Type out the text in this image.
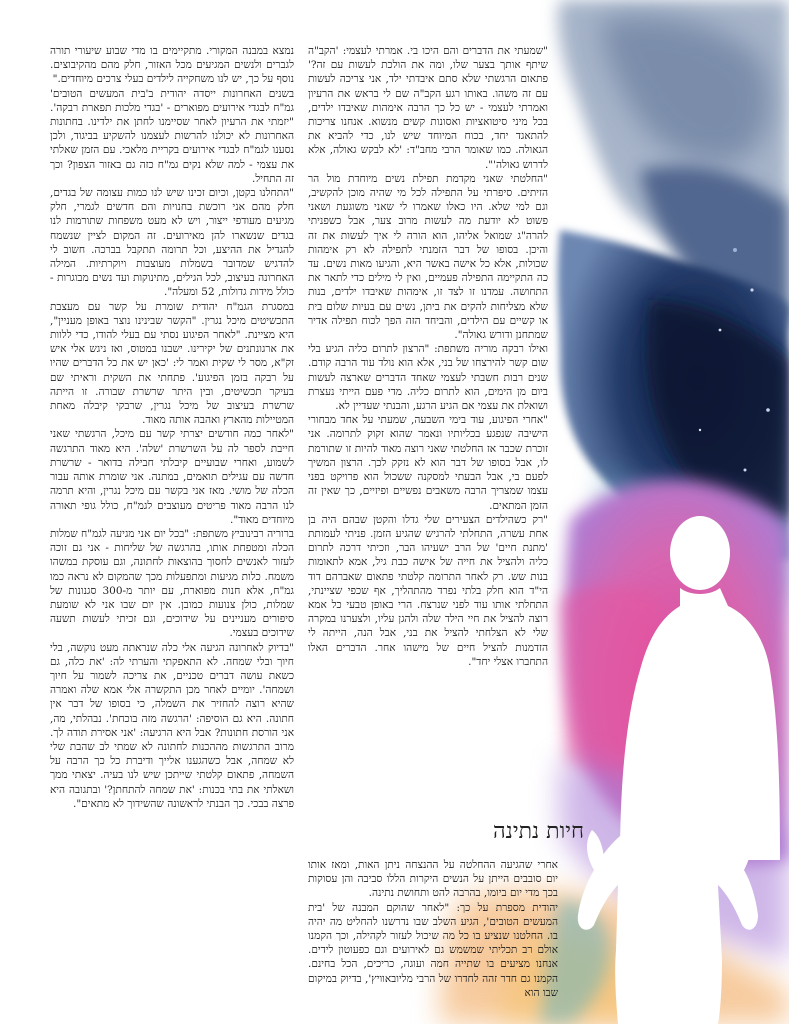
נמצא במבנה המקורי. מתקיימים בו מדי שבוע שיעורי תורה לגברים ולנשים המגיעים מכל האזור, חלק מהם מהקיבוצים. נוסף על כך, יש לנו משחקייה לילדים בעלי צרכים מיוחדים."

בשנים האחרונות ייסדה יהודית ב'בית המעשים הטובים' גמ"ח לבגדי אירועים מפוארים - 'בגדי מלכות תפארת רבקה'. "יזמתי את הרעיון לאחר שסיימנו לחתן את ילדינו. בחתונות האחרונות לא יכולנו להרשות לעצמנו להשקיע בביגוד, ולכן נסענו לגמ"ח לבגדי אירועים בקריית מלאכי. עם הזמן שאלתי את עצמי - למה שלא נקים גמ"ח כזה גם באזור הצפון? וכך זה התחיל.

"התחלנו בקטן, וכיום זכינו שיש לנו כמות עצומה של בגדים, חלק מהם אני רוכשת בחנויות והם חדשים לגמרי, חלק מגיעים מעודפי ייצור, ויש לא מעט משפחות שתורמות לנו בגדים שנשארו להן מאירועים. זה המקום לציין שנשמח להגדיל את ההיצע, וכל תרומה תתקבל בברכה. חשוב לי להדגיש שמדובר בשמלות מעוצבות ויוקרתיות. המילה האחרונה בעיצוב, לכל הגילים, מתינוקות ועד נשים מבוגרות - כולל מידות גדולות, 52 ומעלה".

במסגרת הגמ"ח יהודית שומרת על קשר עם מעצבת התכשיטים מיכל נגרין. "הקשר שבינינו נוצר באופן מעניין", היא מציינת. "לאחר הפיגוע נסתי עם בעלי להודו, כדי ללוות את ארגונתנים של יקירינו. ישבנו במטוס, ואז ניגש אלי איש זק"א, מסר לי שקית ואמר לי: 'כאן יש את כל הדברים שהיו על רבקה בזמן הפיגוע'. פתחתי את השקית וראיתי שם בעיקר תכשיטים, ובין היתר שרשרת שבורה. זו הייתה שרשרת בעיצוב של מיכל נגרין, שרבקי קיבלה מאחת המטיילות מהארץ ואהבה אותה מאוד.

"לאחר כמה חודשים יצרתי קשר עם מיכל, הרגשתי שאני חייבת לספר לה על השרשרת 'שלה'. היא מאוד התרגשה לשמוע, ואחרי שבועיים קיבלתי חבילה בדואר - שרשרת חדשה עם עגילים תואמים, במתנה. אני שומרת אותה עבור הכלה של מושי. מאז אני בקשר עם מיכל נגרין, והיא תרמה לנו הרבה מאוד פריטים מעוצבים לגמ"ח, כולל גופי תאורה מיוחדים מאוד".

ברוריה רבינוביץ משתפת: "בכל יום אני מגיעה לגמ"ח שמלות הכלה ומטפחת אותו, בהרגשה של שליחות - אני גם זוכה לעזור לאנשים לחסוך בהוצאות לחתונה, וגם עוסקת במשהו משמח. כלות מגיעות ומתפעלות מכך שהמקום לא נראה כמו גמ"ח, אלא חנות מפוארת, עם יותר מ-300 סגנונות של שמלות, כולן צנועות כמובן. אין יום שבו אני לא שומעת סיפורים מעניינים על שידוכים, וגם זכיתי לעשות תשעה שידוכים בעצמי.

"בדיוק לאחרונה הגיעה אלי כלה שנראתה מעט נוקשה, בלי חיוך ובלי שמחה. לא התאפקתי והערתי לה: 'את כלה, גם כשאת עושה דברים טכניים, את צריכה לשמור על חיוך ושמחה'. יומיים לאחר מכן התקשרה אלי אמא שלה ואמרה שהיא רוצה להחזיר את השמלה, כי בסופו של דבר אין חתונה. היא גם הוסיפה: 'הרגשה מזה בוכחת'. נבהלתי, מה, אני הורסת חתונות? אבל היא הרגיעה: 'אני אסירת תודה לך. מרוב התרגשות מההכנות לחתונה לא שמתי לב שהבת שלי לא שמחה, אבל כשהגענו אלייך ודיברת כל כך הרבה על השמחה, פתאום קלטתי שייתכן שיש לנו בעיה. יצאתי ממך ושאלתי את בתי בכנות: 'את שמחה להתחתן?' ובתגובה היא פרצה בבכי. כך הבנתי לראשונה שהשידוך לא מתאים".

"שמעתי את הדברים והם היכו בי. אמרתי לעצמי: 'הקב"ה שיתף אותך בצער שלו, ומה את הולכת לעשות עם זה?' פתאום הרגשתי שלא סתם איבדתי ילד, אני צריכה לעשות עם זה משהו. באותו רגע הקב"ה שם לי בראש את הרעיון ואמרתי לעצמי - יש כל כך הרבה אימהות שאיבדו ילדים, בכל מיני סיטואציות ואסונות קשים מנשוא. אנחנו צריכות להתאגד יחד, בכוח המיוחד שיש לנו, כדי להביא את הגאולה. כמו שאומר הרבי מחב"ד: 'לא לבקש גאולה, אלא לדרוש גאולה'".

"החלטתי שאני מקדמת תפילת נשים מיוחדת מול הר הזיתים. סיפרתי על התפילה לכל מי שהיה מוכן להקשיב, וגם למי שלא. היו כאלו שאמרו לי שאני משוגעת ושאני פשוט לא יודעת מה לעשות מרוב צער, אבל כשפניתי להרה"ג שמואל אליהו, הוא הורה לי איך לעשות את זה והיכן. בסופו של דבר הזמנתי לתפילה לא רק אימהות שכולות, אלא כל אישה באשר היא, והגיעו מאות נשים. עד כה התקיימה התפילה פעמיים, ואין לי מילים כדי לתאר את התחושה. עמדנו זו לצד זו, אימהות שאיבדו ילדים, בנות שלא מצליחות להקים את ביתן, נשים עם בעיות שלום בית או קשיים עם הילדים, והביחד הזה הפך לכוח תפילה אדיר שמתחנן ודורש גאולה".

ואילו רבקה מוריה משתפת: "הרצון לתרום כליה הגיע בלי שום קשר להירצחו של בני, אלא הוא נולד עוד הרבה קודם. שנים רבות חשבתי לעצמי שאחד הדברים שארצה לעשות ביום מן הימים, הוא לתרום כליה. מדי פעם הייתי נעצרת ושואלת את עצמי אם הגיע הרגע, והבנתי שעדיין לא.

"אחרי הפיגוע, עוד בימי השבעה, שמעתי על אחד מבחורי הישיבה שנפגע בכליותיו ונאמר שהוא זקוק לתרומה. אני זוכרת שכבר אז החלטתי שאני רוצה מאוד להיות זו שתורמת לו, אבל בסופו של דבר הוא לא נזקק לכך. הרצון המשיך לפעם בי, אבל הבעתי למסקנה ששכול הוא פרויקט בפני עצמו שמצריך הרבה משאבים נפשיים ופיזיים, כך שאין זה הזמן המתאים.

"רק כשהילדים הצעירים שלי גדלו והקטן שבהם היה בן אחת עשרה, התחלתי להרגיש שהגיע הזמן. פניתי לעמותת 'מתנת חיים' של הרב ישעיהו הבר, וזכיתי דרכה לתרום כליה ולהציל את חייה של אישה כבת גיל, אמא לתאומות בנות שש. רק לאחר התרומה קלטתי פתאום שאברהם דוד הי"ד הוא חלק בלתי נפרד מהתהליך, אף שכפי שציינתי, התחלתי אותו עוד לפני שנרצח. הרי באופן טבעי כל אמא רוצה להציל את חיי הילד שלה ולהגן עליו, ולצערנו במקרה שלי לא הצלחתי להציל את בני, אבל הנה, הייתה לי הזדמנות להציל חיים של מישהו אחר. הדברים האלו התחברו אצלי יחד".

חיות נתינה

אחרי שהגיעה ההחלטה על ההנצחה ניתן האות, ומאז אותו יום סובבים הייתן על הנשים היקרות הללו סביבה והן עסוקות בכך מדי יום ביומו, בהרבה להט ותחושת נתינה.

יהודית מספרת על כך: "לאחר שהוקם המבנה של 'בית המעשים הטובים', הגיע השלב שבו נדרשנו להחליט מה יהיה בו. החלטנו שנציע בו כל מה שיכול לעזור לקהילה, וכך הקמנו אולם רב תכליתי שמשמש גם לאירועים וגם כפעוטון לידים. אנחנו מציעים בו שתייה חמה ועוגה, כריכים, הכל בחינם. הקמנו גם חדר זהה לחדרו של הרבי מליובאוויץ', בדיוק במיקום שבו הוא
